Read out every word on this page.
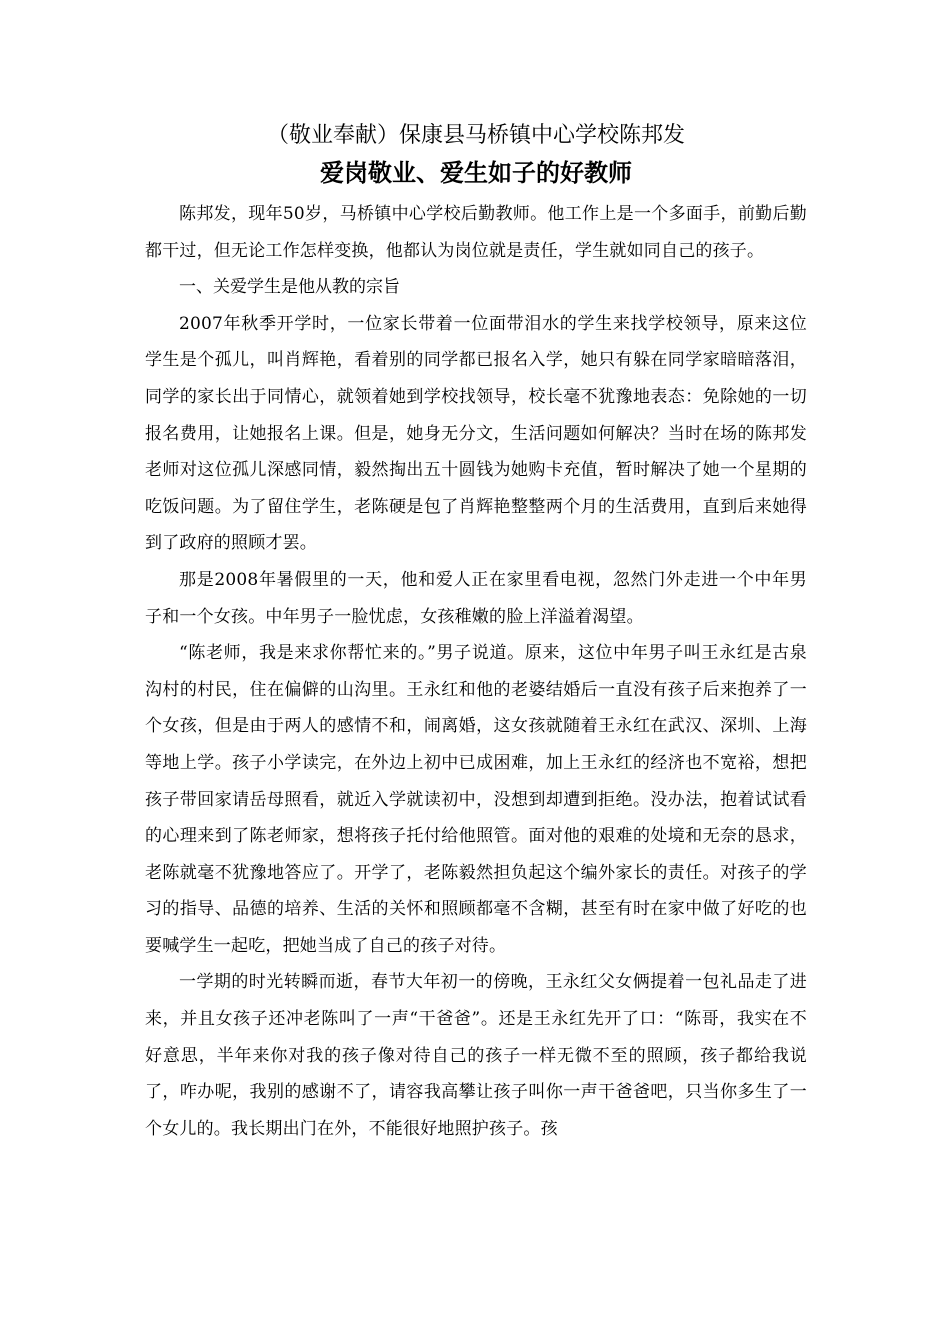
（敬业奉献）保康县马桥镇中心学校陈邦发
爱岗敬业、爱生如子的好教师

陈邦发，现年50岁，马桥镇中心学校后勤教师。他工作上是一个多面手，前勤后勤都干过，但无论工作怎样变换，他都认为岗位就是责任，学生就如同自己的孩子。

一、关爱学生是他从教的宗旨

2007年秋季开学时，一位家长带着一位面带泪水的学生来找学校领导，原来这位学生是个孤儿，叫肖辉艳，看着别的同学都已报名入学，她只有躲在同学家暗暗落泪，同学的家长出于同情心，就领着她到学校找领导，校长毫不犹豫地表态：免除她的一切报名费用，让她报名上课。但是，她身无分文，生活问题如何解决？当时在场的陈邦发老师对这位孤儿深感同情，毅然掏出五十圆钱为她购卡充值，暂时解决了她一个星期的吃饭问题。为了留住学生，老陈硬是包了肖辉艳整整两个月的生活费用，直到后来她得到了政府的照顾才罢。

那是2008年暑假里的一天，他和爱人正在家里看电视，忽然门外走进一个中年男子和一个女孩。中年男子一脸忧虑，女孩稚嫩的脸上洋溢着渴望。

“陈老师，我是来求你帮忙来的。”男子说道。原来，这位中年男子叫王永红是古泉沟村的村民，住在偏僻的山沟里。王永红和他的老婆结婚后一直没有孩子后来抱养了一个女孩，但是由于两人的感情不和，闹离婚，这女孩就随着王永红在武汉、深圳、上海等地上学。孩子小学读完，在外边上初中已成困难，加上王永红的经济也不宽裕，想把孩子带回家请岳母照看，就近入学就读初中，没想到却遭到拒绝。没办法，抱着试试看的心理来到了陈老师家，想将孩子托付给他照管。面对他的艰难的处境和无奈的恳求，老陈就毫不犹豫地答应了。开学了，老陈毅然担负起这个编外家长的责任。对孩子的学习的指导、品德的培养、生活的关怀和照顾都毫不含糊，甚至有时在家中做了好吃的也要喊学生一起吃，把她当成了自己的孩子对待。

一学期的时光转瞬而逝，春节大年初一的傍晚，王永红父女俩提着一包礼品走了进来，并且女孩子还冲老陈叫了一声“干爸爸”。还是王永红先开了口：“陈哥，我实在不好意思，半年来你对我的孩子像对待自己的孩子一样无微不至的照顾，孩子都给我说了，咋办呢，我别的感谢不了，请容我高攀让孩子叫你一声干爸爸吧，只当你多生了一个女儿的。我长期出门在外，不能很好地照护孩子。孩
